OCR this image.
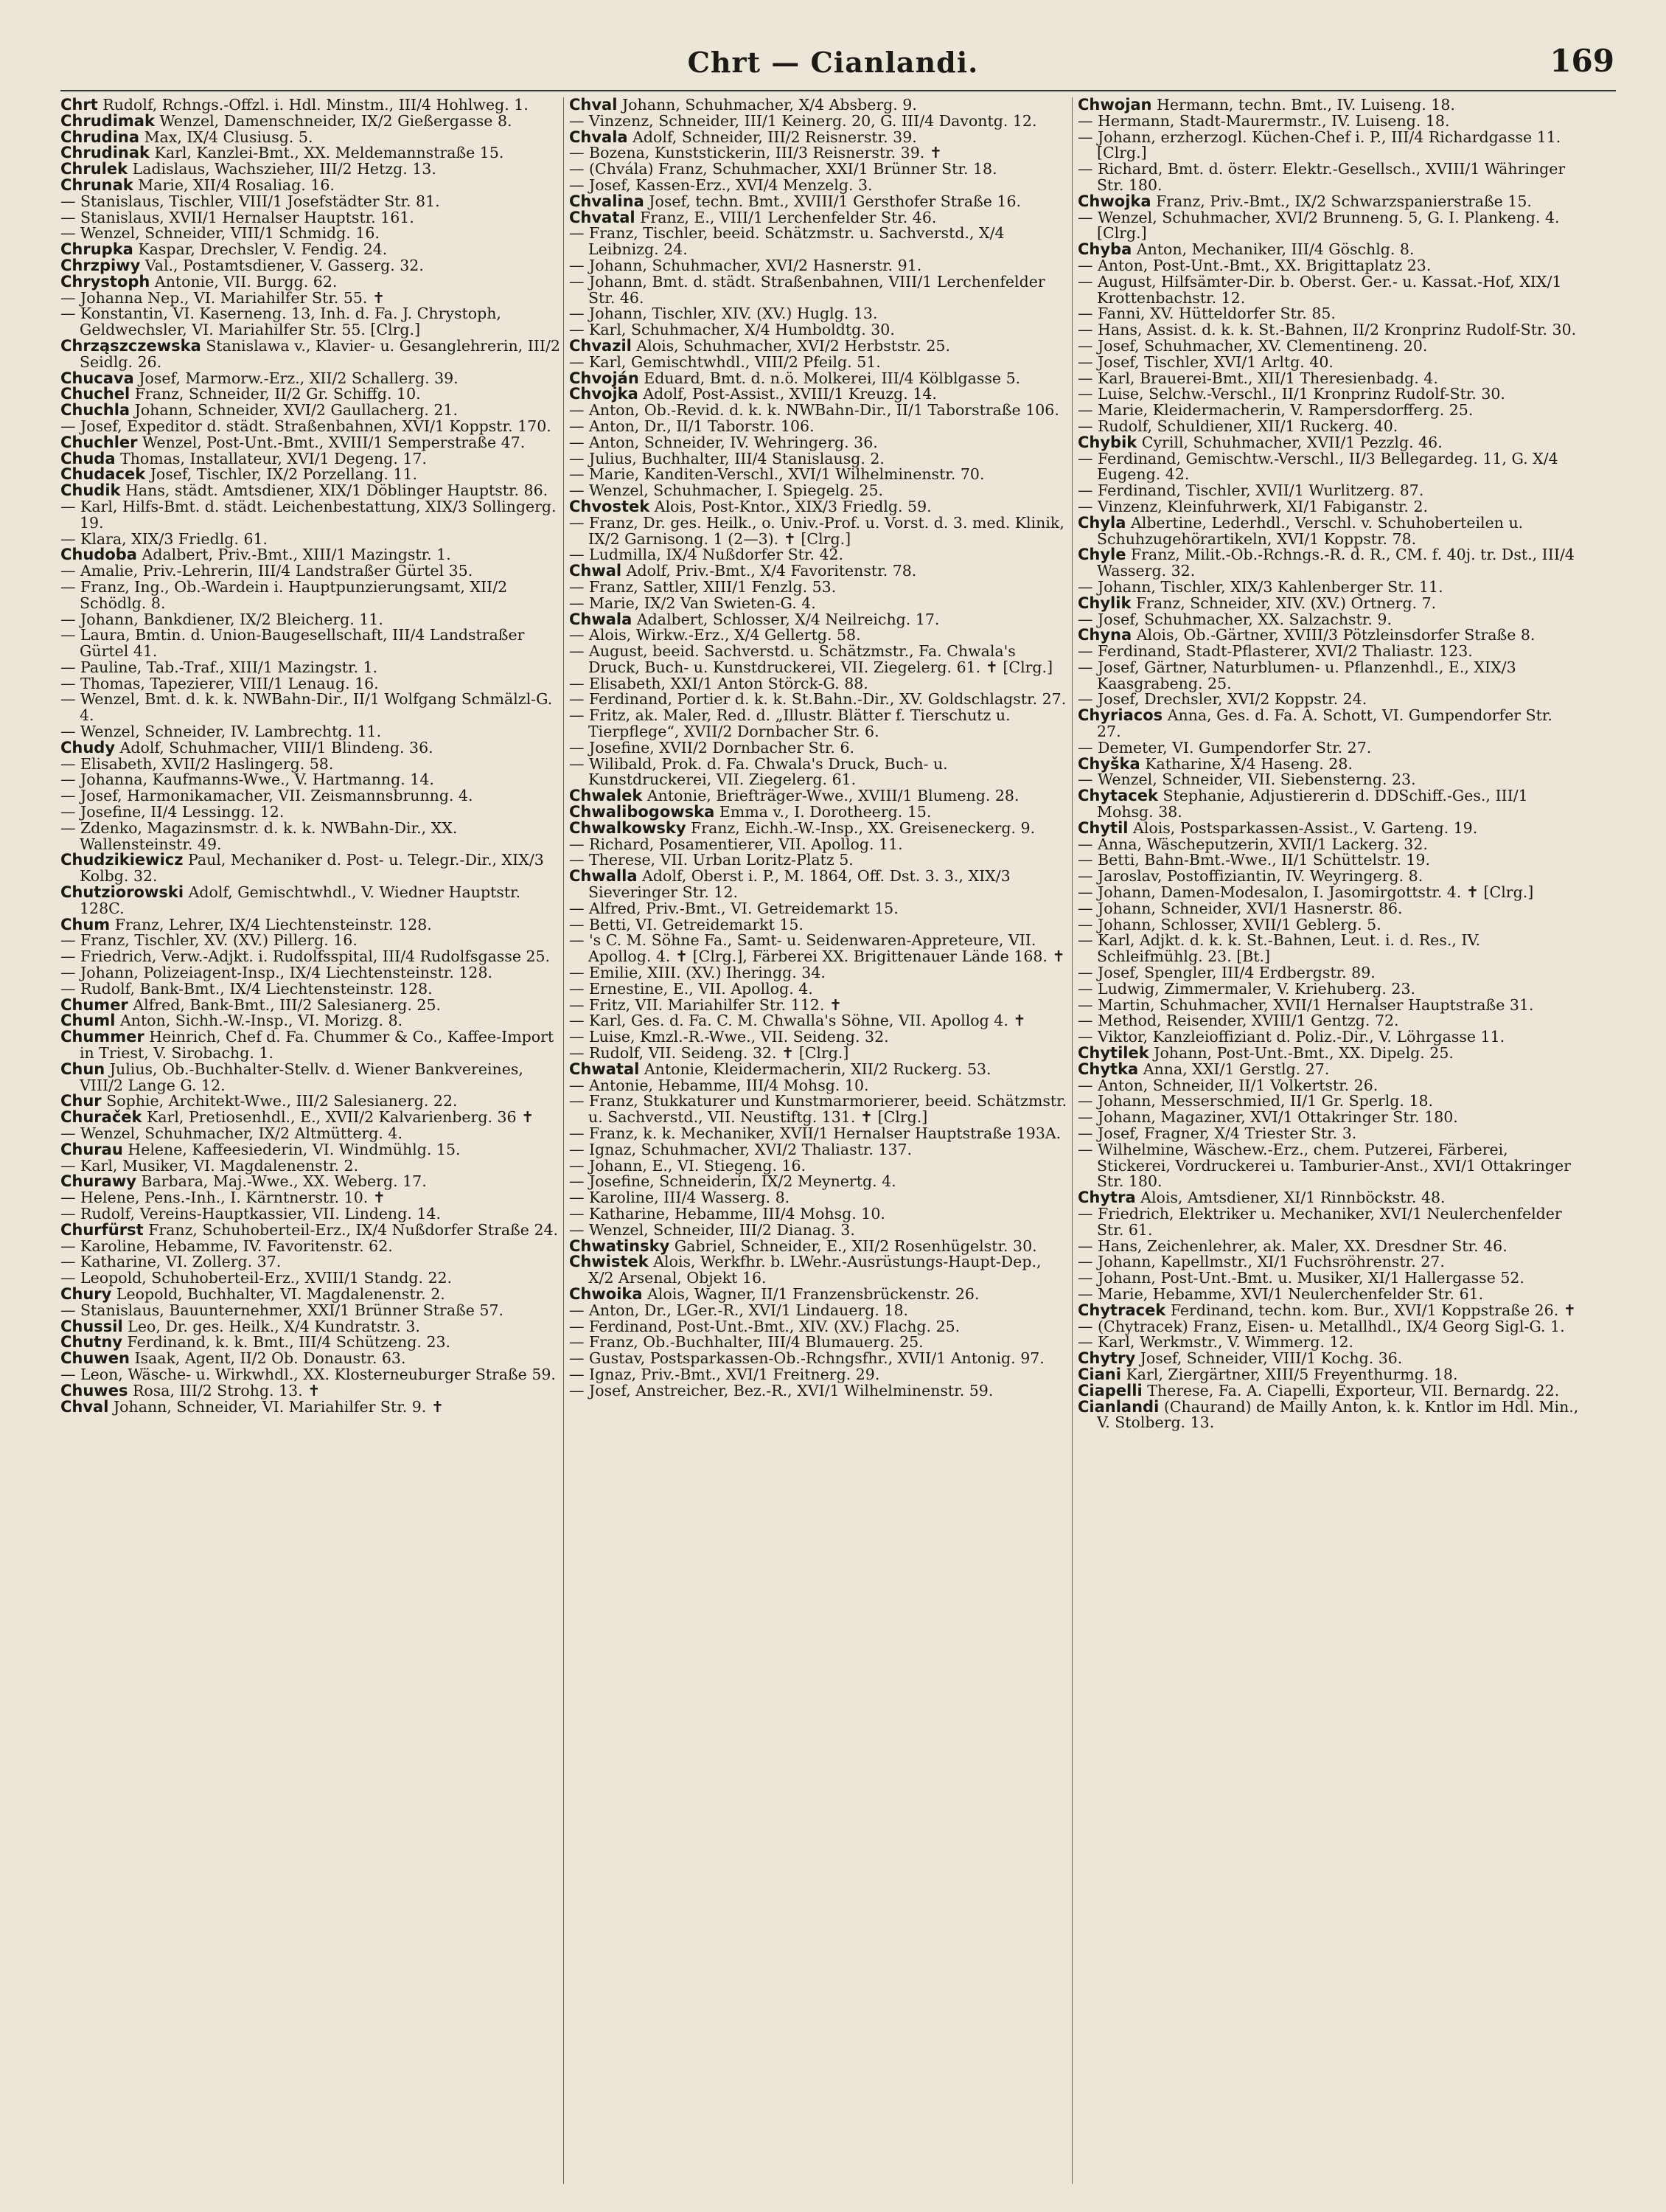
Chrt — Cianlandi.	169
Chrt Rudolf, Rchngs.-Offzl. i. Hdl. Minstm., III/4 Hohlweg. 1.
Chrudimak Wenzel, Damenschneider, IX/2 Gießergasse 8.
Chrudina Max, IX/4 Clusiusg. 5.
Chrudinak Karl, Kanzlei-Bmt., XX. Meldemannstraße 15.
Chrulek Ladislaus, Wachszieher, III/2 Hetzg. 13.
Chrunak Marie, XII/4 Rosaliag. 16.
— Stanislaus, Tischler, VIII/1 Josefstädter Str. 81.
— Stanislaus, XVII/1 Hernalser Hauptstr. 161.
— Wenzel, Schneider, VIII/1 Schmidg. 16.
Chrupka Kaspar, Drechsler, V. Fendig. 24.
Chrzpiwy Val., Postamtsdiener, V. Gasserg. 32.
Chrystoph Antonie, VII. Burgg. 62.
— Johanna Nep., VI. Mariahilfer Str. 55. ✝
— Konstantin, VI. Kaserneng. 13, Inh. d. Fa. J. Chrystoph, Geldwechsler, VI. Mariahilfer Str. 55. [Clrg.]
Chrząszczewska Stanislawa v., Klavier- u. Gesanglehrerin, III/2 Seidlg. 26.
Chucava Josef, Marmorw.-Erz., XII/2 Schallerg. 39.
Chuchel Franz, Schneider, II/2 Gr. Schiffg. 10.
Chuchla Johann, Schneider, XVI/2 Gaullacherg. 21.
— Josef, Expeditor d. städt. Straßenbahnen, XVI/1 Koppstr. 170.
Chuchler Wenzel, Post-Unt.-Bmt., XVIII/1 Semperstraße 47.
Chuda Thomas, Installateur, XVI/1 Degeng. 17.
Chudacek Josef, Tischler, IX/2 Porzellang. 11.
Chudik Hans, städt. Amtsdiener, XIX/1 Döblinger Hauptstr. 86.
— Karl, Hilfs-Bmt. d. städt. Leichenbestattung, XIX/3 Sollingerg. 19.
— Klara, XIX/3 Friedlg. 61.
Chudoba Adalbert, Priv.-Bmt., XIII/1 Mazingstr. 1.
— Amalie, Priv.-Lehrerin, III/4 Landstraßer Gürtel 35.
— Franz, Ing., Ob.-Wardein i. Hauptpunzierungsamt, XII/2 Schödlg. 8.
— Johann, Bankdiener, IX/2 Bleicherg. 11.
— Laura, Bmtin. d. Union-Baugesellschaft, III/4 Landstraßer Gürtel 41.
— Pauline, Tab.-Traf., XIII/1 Mazingstr. 1.
— Thomas, Tapezierer, VIII/1 Lenaug. 16.
— Wenzel, Bmt. d. k. k. NWBahn-Dir., II/1 Wolfgang Schmälzl-G. 4.
— Wenzel, Schneider, IV. Lambrechtg. 11.
Chudy Adolf, Schuhmacher, VIII/1 Blindeng. 36.
— Elisabeth, XVII/2 Haslingerg. 58.
— Johanna, Kaufmanns-Wwe., V. Hartmanng. 14.
— Josef, Harmonikamacher, VII. Zeismannsbrunng. 4.
— Josefine, II/4 Lessingg. 12.
— Zdenko, Magazinsmstr. d. k. k. NWBahn-Dir., XX. Wallensteinstr. 49.
Chudzikiewicz Paul, Mechaniker d. Post- u. Telegr.-Dir., XIX/3 Kolbg. 32.
Chutziorowski Adolf, Gemischtwhdl., V. Wiedner Hauptstr. 128C.
Chum Franz, Lehrer, IX/4 Liechtensteinstr. 128.
— Franz, Tischler, XV. (XV.) Pillerg. 16.
— Friedrich, Verw.-Adjkt. i. Rudolfsspital, III/4 Rudolfsgasse 25.
— Johann, Polizeiagent-Insp., IX/4 Liechtensteinstr. 128.
— Rudolf, Bank-Bmt., IX/4 Liechtensteinstr. 128.
Chumer Alfred, Bank-Bmt., III/2 Salesianerg. 25.
Chuml Anton, Sichh.-W.-Insp., VI. Morizg. 8.
Chummer Heinrich, Chef d. Fa. Chummer & Co., Kaffee-Import in Triest, V. Sirobachg. 1.
Chun Julius, Ob.-Buchhalter-Stellv. d. Wiener Bankvereines, VIII/2 Lange G. 12.
Chur Sophie, Architekt-Wwe., III/2 Salesianerg. 22.
Churaček Karl, Pretiosenhdl., E., XVII/2 Kalvarienberg. 36 ✝
— Wenzel, Schuhmacher, IX/2 Altmütterg. 4.
Churau Helene, Kaffeesiederin, VI. Windmühlg. 15.
— Karl, Musiker, VI. Magdalenenstr. 2.
Churawy Barbara, Maj.-Wwe., XX. Weberg. 17.
— Helene, Pens.-Inh., I. Kärntnerstr. 10. ✝
— Rudolf, Vereins-Hauptkassier, VII. Lindeng. 14.
Churfürst Franz, Schuhoberteil-Erz., IX/4 Nußdorfer Straße 24.
— Karoline, Hebamme, IV. Favoritenstr. 62.
— Katharine, VI. Zollerg. 37.
— Leopold, Schuhoberteil-Erz., XVIII/1 Standg. 22.
Chury Leopold, Buchhalter, VI. Magdalenenstr. 2.
— Stanislaus, Bauunternehmer, XXI/1 Brünner Straße 57.
Chussil Leo, Dr. ges. Heilk., X/4 Kundratstr. 3.
Chutny Ferdinand, k. k. Bmt., III/4 Schützeng. 23.
Chuwen Isaak, Agent, II/2 Ob. Donaustr. 63.
— Leon, Wäsche- u. Wirkwhdl., XX. Klosterneuburger Straße 59.
Chuwes Rosa, III/2 Strohg. 13. ✝
Chval Johann, Schneider, VI. Mariahilfer Str. 9. ✝
Chval Johann, Schuhmacher, X/4 Absberg. 9.
— Vinzenz, Schneider, III/1 Keinerg. 20, G. III/4 Davontg. 12.
Chvala Adolf, Schneider, III/2 Reisnerstr. 39.
— Bozena, Kunststickerin, III/3 Reisnerstr. 39. ✝
— (Chvála) Franz, Schuhmacher, XXI/1 Brünner Str. 18.
— Josef, Kassen-Erz., XVI/4 Menzelg. 3.
Chvalina Josef, techn. Bmt., XVIII/1 Gersthofer Straße 16.
Chvatal Franz, E., VIII/1 Lerchenfelder Str. 46.
— Franz, Tischler, beeid. Schätzmstr. u. Sachverstd., X/4 Leibnizg. 24.
— Johann, Schuhmacher, XVI/2 Hasnerstr. 91.
— Johann, Bmt. d. städt. Straßenbahnen, VIII/1 Lerchenfelder Str. 46.
— Johann, Tischler, XIV. (XV.) Huglg. 13.
— Karl, Schuhmacher, X/4 Humboldtg. 30.
Chvazil Alois, Schuhmacher, XVI/2 Herbststr. 25.
— Karl, Gemischtwhdl., VIII/2 Pfeilg. 51.
Chvoján Eduard, Bmt. d. n.ö. Molkerei, III/4 Kölblgasse 5.
Chvojka Adolf, Post-Assist., XVIII/1 Kreuzg. 14.
— Anton, Ob.-Revid. d. k. k. NWBahn-Dir., II/1 Taborstraße 106.
— Anton, Dr., II/1 Taborstr. 106.
— Anton, Schneider, IV. Wehringerg. 36.
— Julius, Buchhalter, III/4 Stanislausg. 2.
— Marie, Kanditen-Verschl., XVI/1 Wilhelminenstr. 70.
— Wenzel, Schuhmacher, I. Spiegelg. 25.
Chvostek Alois, Post-Kntor., XIX/3 Friedlg. 59.
— Franz, Dr. ges. Heilk., o. Univ.-Prof. u. Vorst. d. 3. med. Klinik, IX/2 Garnisong. 1 (2—3). ✝ [Clrg.]
— Ludmilla, IX/4 Nußdorfer Str. 42.
Chwal Adolf, Priv.-Bmt., X/4 Favoritenstr. 78.
— Franz, Sattler, XIII/1 Fenzlg. 53.
— Marie, IX/2 Van Swieten-G. 4.
Chwala Adalbert, Schlosser, X/4 Neilreichg. 17.
— Alois, Wirkw.-Erz., X/4 Gellertg. 58.
— August, beeid. Sachverstd. u. Schätzmstr., Fa. Chwala's Druck, Buch- u. Kunstdruckerei, VII. Ziegelerg. 61. ✝ [Clrg.]
— Elisabeth, XXI/1 Anton Störck-G. 88.
— Ferdinand, Portier d. k. k. St.Bahn.-Dir., XV. Goldschlagstr. 27.
— Fritz, ak. Maler, Red. d. „Illustr. Blätter f. Tierschutz u. Tierpflege“, XVII/2 Dornbacher Str. 6.
— Josefine, XVII/2 Dornbacher Str. 6.
— Wilibald, Prok. d. Fa. Chwala's Druck, Buch- u. Kunstdruckerei, VII. Ziegelerg. 61.
Chwalek Antonie, Briefträger-Wwe., XVIII/1 Blumeng. 28.
Chwalibogowska Emma v., I. Dorotheerg. 15.
Chwalkowsky Franz, Eichh.-W.-Insp., XX. Greiseneckerg. 9.
— Richard, Posamentierer, VII. Apollog. 11.
— Therese, VII. Urban Loritz-Platz 5.
Chwalla Adolf, Oberst i. P., M. 1864, Off. Dst. 3. 3., XIX/3 Sieveringer Str. 12.
— Alfred, Priv.-Bmt., VI. Getreidemarkt 15.
— Betti, VI. Getreidemarkt 15.
— 's C. M. Söhne Fa., Samt- u. Seidenwaren-Appreteure, VII. Apollog. 4. ✝ [Clrg.], Färberei XX. Brigittenauer Lände 168. ✝
— Emilie, XIII. (XV.) Iheringg. 34.
— Ernestine, E., VII. Apollog. 4.
— Fritz, VII. Mariahilfer Str. 112. ✝
— Karl, Ges. d. Fa. C. M. Chwalla's Söhne, VII. Apollog 4. ✝
— Luise, Kmzl.-R.-Wwe., VII. Seideng. 32.
— Rudolf, VII. Seideng. 32. ✝ [Clrg.]
Chwatal Antonie, Kleidermacherin, XII/2 Ruckerg. 53.
— Antonie, Hebamme, III/4 Mohsg. 10.
— Franz, Stukkaturer und Kunstmarmorierer, beeid. Schätzmstr. u. Sachverstd., VII. Neustiftg. 131. ✝ [Clrg.]
— Franz, k. k. Mechaniker, XVII/1 Hernalser Hauptstraße 193A.
— Ignaz, Schuhmacher, XVI/2 Thaliastr. 137.
— Johann, E., VI. Stiegeng. 16.
— Josefine, Schneiderin, IX/2 Meynertg. 4.
— Karoline, III/4 Wasserg. 8.
— Katharine, Hebamme, III/4 Mohsg. 10.
— Wenzel, Schneider, III/2 Dianag. 3.
Chwatinsky Gabriel, Schneider, E., XII/2 Rosenhügelstr. 30.
Chwistek Alois, Werkfhr. b. LWehr.-Ausrüstungs-Haupt-Dep., X/2 Arsenal, Objekt 16.
Chwoika Alois, Wagner, II/1 Franzensbrückenstr. 26.
— Anton, Dr., LGer.-R., XVI/1 Lindauerg. 18.
— Ferdinand, Post-Unt.-Bmt., XIV. (XV.) Flachg. 25.
— Franz, Ob.-Buchhalter, III/4 Blumauerg. 25.
— Gustav, Postsparkassen-Ob.-Rchngsfhr., XVII/1 Antonig. 97.
— Ignaz, Priv.-Bmt., XVI/1 Freitnerg. 29.
— Josef, Anstreicher, Bez.-R., XVI/1 Wilhelminenstr. 59.
Chwojan Hermann, techn. Bmt., IV. Luiseng. 18.
— Hermann, Stadt-Maurermstr., IV. Luiseng. 18.
— Johann, erzherzogl. Küchen-Chef i. P., III/4 Richardgasse 11. [Clrg.]
— Richard, Bmt. d. österr. Elektr.-Gesellsch., XVIII/1 Währinger Str. 180.
Chwojka Franz, Priv.-Bmt., IX/2 Schwarzspanierstraße 15.
— Wenzel, Schuhmacher, XVI/2 Brunneng. 5, G. I. Plankeng. 4. [Clrg.]
Chyba Anton, Mechaniker, III/4 Göschlg. 8.
— Anton, Post-Unt.-Bmt., XX. Brigittaplatz 23.
— August, Hilfsämter-Dir. b. Oberst. Ger.- u. Kassat.-Hof, XIX/1 Krottenbachstr. 12.
— Fanni, XV. Hütteldorfer Str. 85.
— Hans, Assist. d. k. k. St.-Bahnen, II/2 Kronprinz Rudolf-Str. 30.
— Josef, Schuhmacher, XV. Clementineng. 20.
— Josef, Tischler, XVI/1 Arltg. 40.
— Karl, Brauerei-Bmt., XII/1 Theresienbadg. 4.
— Luise, Selchw.-Verschl., II/1 Kronprinz Rudolf-Str. 30.
— Marie, Kleidermacherin, V. Rampersdorfferg. 25.
— Rudolf, Schuldiener, XII/1 Ruckerg. 40.
Chybik Cyrill, Schuhmacher, XVII/1 Pezzlg. 46.
— Ferdinand, Gemischtw.-Verschl., II/3 Bellegardeg. 11, G. X/4 Eugeng. 42.
— Ferdinand, Tischler, XVII/1 Wurlitzerg. 87.
— Vinzenz, Kleinfuhrwerk, XI/1 Fabiganstr. 2.
Chyla Albertine, Lederhdl., Verschl. v. Schuhoberteilen u. Schuhzugehörartikeln, XVI/1 Koppstr. 78.
Chyle Franz, Milit.-Ob.-Rchngs.-R. d. R., CM. f. 40j. tr. Dst., III/4 Wasserg. 32.
— Johann, Tischler, XIX/3 Kahlenberger Str. 11.
Chylik Franz, Schneider, XIV. (XV.) Ortnerg. 7.
— Josef, Schuhmacher, XX. Salzachstr. 9.
Chyna Alois, Ob.-Gärtner, XVIII/3 Pötzleinsdorfer Straße 8.
— Ferdinand, Stadt-Pflasterer, XVI/2 Thaliastr. 123.
— Josef, Gärtner, Naturblumen- u. Pflanzenhdl., E., XIX/3 Kaasgrabeng. 25.
— Josef, Drechsler, XVI/2 Koppstr. 24.
Chyriacos Anna, Ges. d. Fa. A. Schott, VI. Gumpendorfer Str. 27.
— Demeter, VI. Gumpendorfer Str. 27.
Chyška Katharine, X/4 Haseng. 28.
— Wenzel, Schneider, VII. Siebensterng. 23.
Chytacek Stephanie, Adjustiererin d. DDSchiff.-Ges., III/1 Mohsg. 38.
Chytil Alois, Postsparkassen-Assist., V. Garteng. 19.
— Anna, Wäscheputzerin, XVII/1 Lackerg. 32.
— Betti, Bahn-Bmt.-Wwe., II/1 Schüttelstr. 19.
— Jaroslav, Postoffiziantin, IV. Weyringerg. 8.
— Johann, Damen-Modesalon, I. Jasomirgottstr. 4. ✝ [Clrg.]
— Johann, Schneider, XVI/1 Hasnerstr. 86.
— Johann, Schlosser, XVII/1 Geblerg. 5.
— Karl, Adjkt. d. k. k. St.-Bahnen, Leut. i. d. Res., IV. Schleifmühlg. 23. [Bt.]
— Josef, Spengler, III/4 Erdbergstr. 89.
— Ludwig, Zimmermaler, V. Kriehuberg. 23.
— Martin, Schuhmacher, XVII/1 Hernalser Hauptstraße 31.
— Method, Reisender, XVIII/1 Gentzg. 72.
— Viktor, Kanzleioffiziant d. Poliz.-Dir., V. Löhrgasse 11.
Chytilek Johann, Post-Unt.-Bmt., XX. Dipelg. 25.
Chytka Anna, XXI/1 Gerstlg. 27.
— Anton, Schneider, II/1 Volkertstr. 26.
— Johann, Messerschmied, II/1 Gr. Sperlg. 18.
— Johann, Magaziner, XVI/1 Ottakringer Str. 180.
— Josef, Fragner, X/4 Triester Str. 3.
— Wilhelmine, Wäschew.-Erz., chem. Putzerei, Färberei, Stickerei, Vordruckerei u. Tamburier-Anst., XVI/1 Ottakringer Str. 180.
Chytra Alois, Amtsdiener, XI/1 Rinnböckstr. 48.
— Friedrich, Elektriker u. Mechaniker, XVI/1 Neulerchenfelder Str. 61.
— Hans, Zeichenlehrer, ak. Maler, XX. Dresdner Str. 46.
— Johann, Kapellmstr., XI/1 Fuchsröhrenstr. 27.
— Johann, Post-Unt.-Bmt. u. Musiker, XI/1 Hallergasse 52.
— Marie, Hebamme, XVI/1 Neulerchenfelder Str. 61.
Chytracek Ferdinand, techn. kom. Bur., XVI/1 Koppstraße 26. ✝
— (Chytracek) Franz, Eisen- u. Metallhdl., IX/4 Georg Sigl-G. 1.
— Karl, Werkmstr., V. Wimmerg. 12.
Chytry Josef, Schneider, VIII/1 Kochg. 36.
Ciani Karl, Ziergärtner, XIII/5 Freyenthurmg. 18.
Ciapelli Therese, Fa. A. Ciapelli, Exporteur, VII. Bernardg. 22.
Cianlandi (Chaurand) de Mailly Anton, k. k. Kntlor im Hdl. Min., V. Stolberg. 13.
